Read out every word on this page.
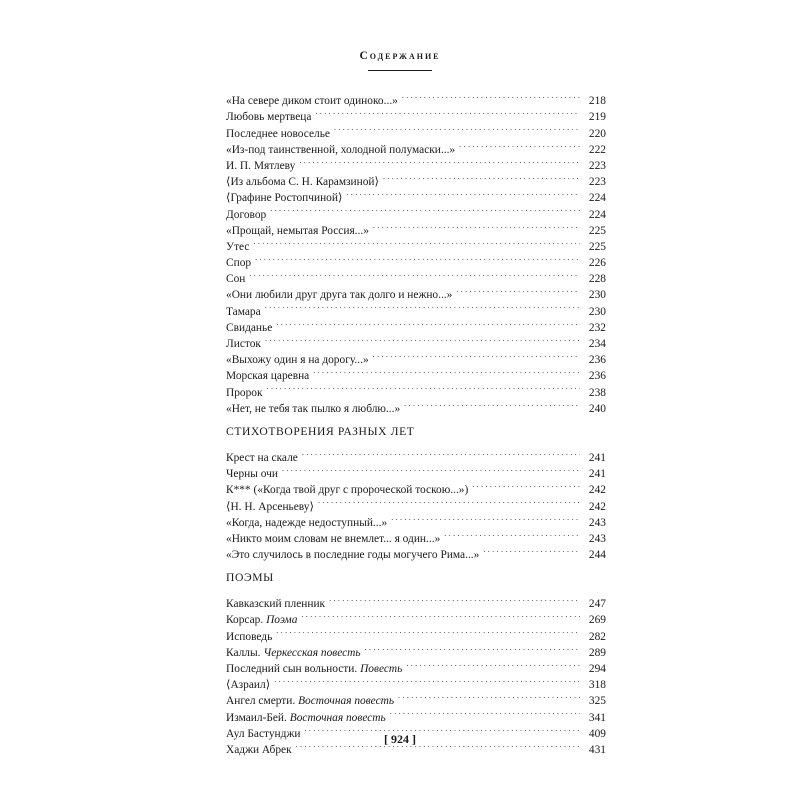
Содержание
«На севере диком стоит одиноко...» . . .	218
Любовь мертвеца . . .	219
Последнее новоселье . . .	220
«Из-под таинственной, холодной полумаски...» . . .	222
И. П. Мятлеву . . .	223
⟨Из альбома С. Н. Карамзиной⟩ . . .	223
⟨Графине Ростопчиной⟩ . . .	224
Договор . . .	224
«Прощай, немытая Россия...» . . .	225
Утес . . .	225
Спор . . .	226
Сон . . .	228
«Они любили друг друга так долго и нежно...» . . .	230
Тамара . . .	230
Свиданье . . .	232
Листок . . .	234
«Выхожу один я на дорогу...» . . .	236
Морская царевна . . .	236
Пророк . . .	238
«Нет, не тебя так пылко я люблю...» . . .	240
СТИХОТВОРЕНИЯ РАЗНЫХ ЛЕТ
Крест на скале . . .	241
Черны очи . . .	241
К*** («Когда твой друг с пророческой тоскою...») . . .	242
⟨Н. Н. Арсеньеву⟩ . . .	242
«Когда, надежде недоступный...» . . .	243
«Никто моим словам не внемлет... я один...» . . .	243
«Это случилось в последние годы могучего Рима...» . . .	244
ПОЭМЫ
Кавказский пленник . . .	247
Корсар. Поэма . . .	269
Исповедь . . .	282
Каллы. Черкесская повесть . . .	289
Последний сын вольности. Повесть . . .	294
⟨Азраил⟩ . . .	318
Ангел смерти. Восточная повесть . . .	325
Измаил-Бей. Восточная повесть . . .	341
Аул Бастунджи . . .	409
Хаджи Абрек . . .	431
[ 924 ]
